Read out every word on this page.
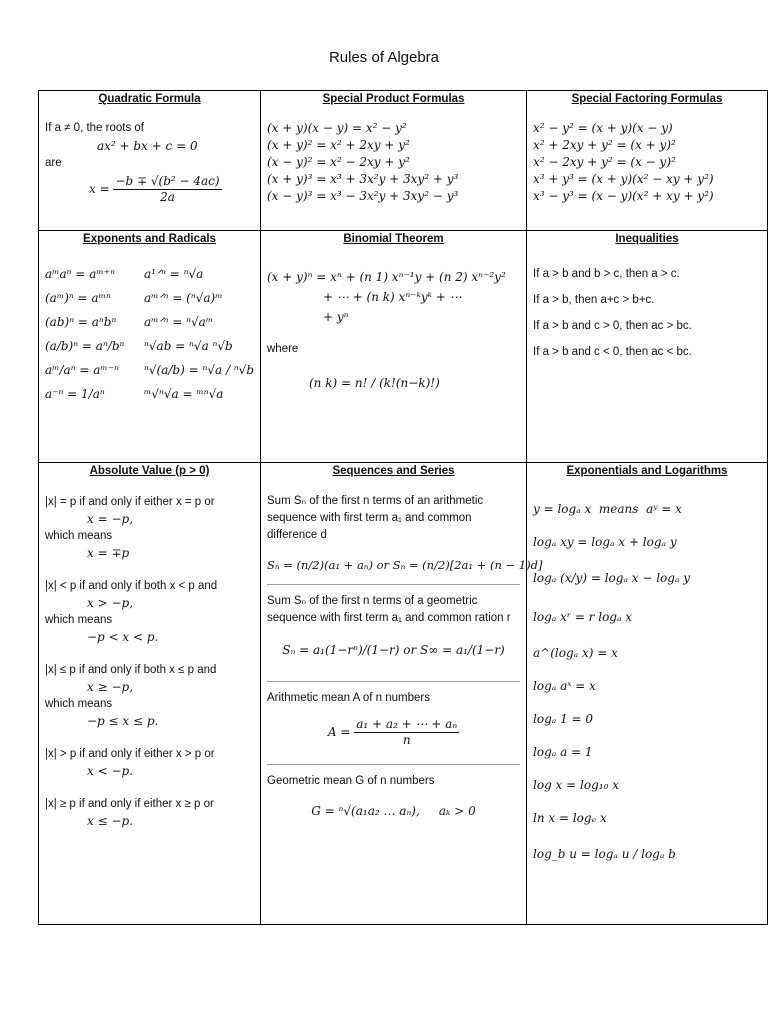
Rules of Algebra
Quadratic Formula
If a ≠ 0, the roots of
ax² + bx + c = 0
are
$x = \frac{\text{−b ∓ √(b² − 4ac)}}{2a}$
Special Product Formulas
(x + y)(x − y) = x² − y²
(x + y)² = x² + 2xy + y²
(x − y)² = x² − 2xy + y²
(x + y)³ = x³ + 3x²y + 3xy² + y³
(x − y)³ = x³ − 3x²y + 3xy² − y³
Special Factoring Formulas
x² − y² = (x + y)(x − y)
x² + 2xy + y² = (x + y)²
x² − 2xy + y² = (x − y)²
x³ + y³ = (x + y)(x² − xy + y²)
x³ − y³ = (x − y)(x² + xy + y²)
Exponents and Radicals
aᵐaⁿ = aᵐ⁺ⁿ
(aᵐ)ⁿ = aᵐⁿ
(ab)ⁿ = aⁿbⁿ
(a/b)ⁿ = aⁿ/bⁿ
aᵐ/aⁿ = aᵐ⁻ⁿ
a⁻ⁿ = 1/aⁿ
a¹ᐟⁿ = ⁿ√a
aᵐᐟⁿ = (ⁿ√a)ᵐ
aᵐᐟⁿ = ⁿ√aᵐ
ⁿ√ab = ⁿ√a ⁿ√b
ⁿ√(a/b) = ⁿ√a / ⁿ√b
ᵐ√ⁿ√a = ᵐⁿ√a
Binomial Theorem
(x + y)ⁿ = xⁿ + (n 1) xⁿ⁻¹y + (n 2) xⁿ⁻²y²
+ ⋯ + (n k) xⁿ⁻ᵏyᵏ + ⋯
+ yⁿ
where
(n k) = n! / (k!(n−k)!)
Inequalities
If a > b and b > c, then a > c.
If a > b, then a+c > b+c.
If a > b and c > 0, then ac > bc.
If a > b and c < 0, then ac < bc.
Absolute Value (p > 0)
|x| = p if and only if either x = p or
x = −p,
which means
x = ∓p
|x| < p if and only if both x < p and
x > −p,
which means
−p < x < p.
|x| ≤ p if and only if both x ≤ p and
x ≥ −p,
which means
−p ≤ x ≤ p.
|x| > p if and only if either x > p or
x < −p.
|x| ≥ p if and only if either x ≥ p or
x ≤ −p.
Sequences and Series
Sum Sₙ of the first n terms of an arithmetic sequence with first term a₁ and common difference d
Sₙ = (n/2)(a₁ + aₙ) or Sₙ = (n/2)[2a₁ + (n − 1)d]
Sum Sₙ of the first n terms of a geometric sequence with first term a₁ and common ration r
Sₙ = a₁(1−rⁿ)/(1−r) or S∞ = a₁/(1−r)
Arithmetic mean A of n numbers
$A = \frac{\text{a₁ + a₂ + ⋯ + aₙ}}{n}$
Geometric mean G of n numbers
G = ⁿ√(a₁a₂ … aₙ),     aₖ > 0
Exponentials and Logarithms
y = logₐ x  means  aʸ = x
logₐ xy = logₐ x + logₐ y
logₐ (x/y) = logₐ x − logₐ y
logₐ xʳ = r logₐ x
a^(logₐ x) = x
logₐ aˣ = x
logₐ 1 = 0
logₐ a = 1
log x = log₁₀ x
ln x = logₑ x
log_b u = logₐ u / logₐ b
